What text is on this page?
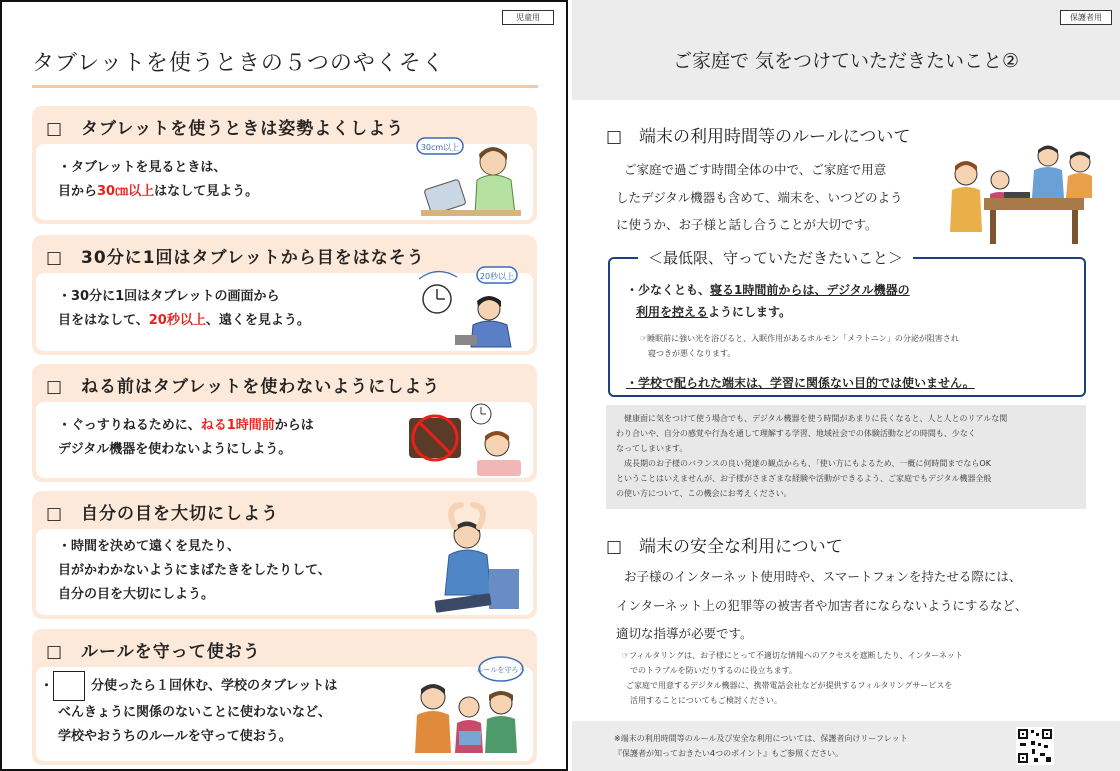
児童用
タブレットを使うときの５つのやくそく
□　タブレットを使うときは姿勢よくしよう
・タブレットを見るときは、
目から30㎝以上はなして見よう。
30cm以上
□　30分に1回はタブレットから目をはなそう
・30分に1回はタブレットの画面から
目をはなして、20秒以上、遠くを見よう。
20秒以上
□　ねる前はタブレットを使わないようにしよう
・ぐっすりねるために、ねる1時間前からは
デジタル機器を使わないようにしよう。
□　自分の目を大切にしよう
・時間を決めて遠くを見たり、
目がかわかないようにまばたきをしたりして、
自分の目を大切にしよう。
□　ルールを守って使おう
・	分使ったら１回休む、学校のタブレットは
べんきょうに関係のないことに使わないなど、
学校やおうちのルールを守って使おう。
ルールを守ろう
保護者用
ご家庭で 気をつけていただきたいこと②
□　端末の利用時間等のルールについて
ご家庭で過ごす時間全体の中で、ご家庭で用意
したデジタル機器も含めて、端末を、いつどのよう
に使うか、お子様と話し合うことが大切です。
・少なくとも、寝る1時間前からは、デジタル機器の
利用を控えるようにします。
☞睡眠前に強い光を浴びると、入眠作用があるホルモン「メラトニン」の分泌が阻害され
寝つきが悪くなります。
・学校で配られた端末は、学習に関係ない目的では使いません。
＜最低限、守っていただきたいこと＞
健康面に気をつけて使う場合でも、デジタル機器を使う時間があまりに長くなると、人と人とのリアルな関
わり合いや、自分の感覚や行為を通して理解する学習、地域社会での体験活動などの時間も、少なく
なってしまいます。
成長期のお子様のバランスの良い発達の観点からも、「使い方にもよるため、一概に何時間までならOK
ということはいえませんが、お子様がさまざまな経験や活動ができるよう、ご家庭でもデジタル機器全般
の使い方について、この機会にお考えください。
□　端末の安全な利用について
お子様のインターネット使用時や、スマートフォンを持たせる際には、
インターネット上の犯罪等の被害者や加害者にならないようにするなど、
適切な指導が必要です。
☞フィルタリングは、お子様にとって不適切な情報へのアクセスを遮断したり、インターネット
でのトラブルを防いだりするのに役立ちます。
ご家庭で用意するデジタル機器に、携帯電話会社などが提供するフィルタリングサービスを
活用することについてもご検討ください。
※端末の利用時間等のルール及び安全な利用については、保護者向けリーフレット
『保護者が知っておきたい4つのポイント』もご参照ください。
